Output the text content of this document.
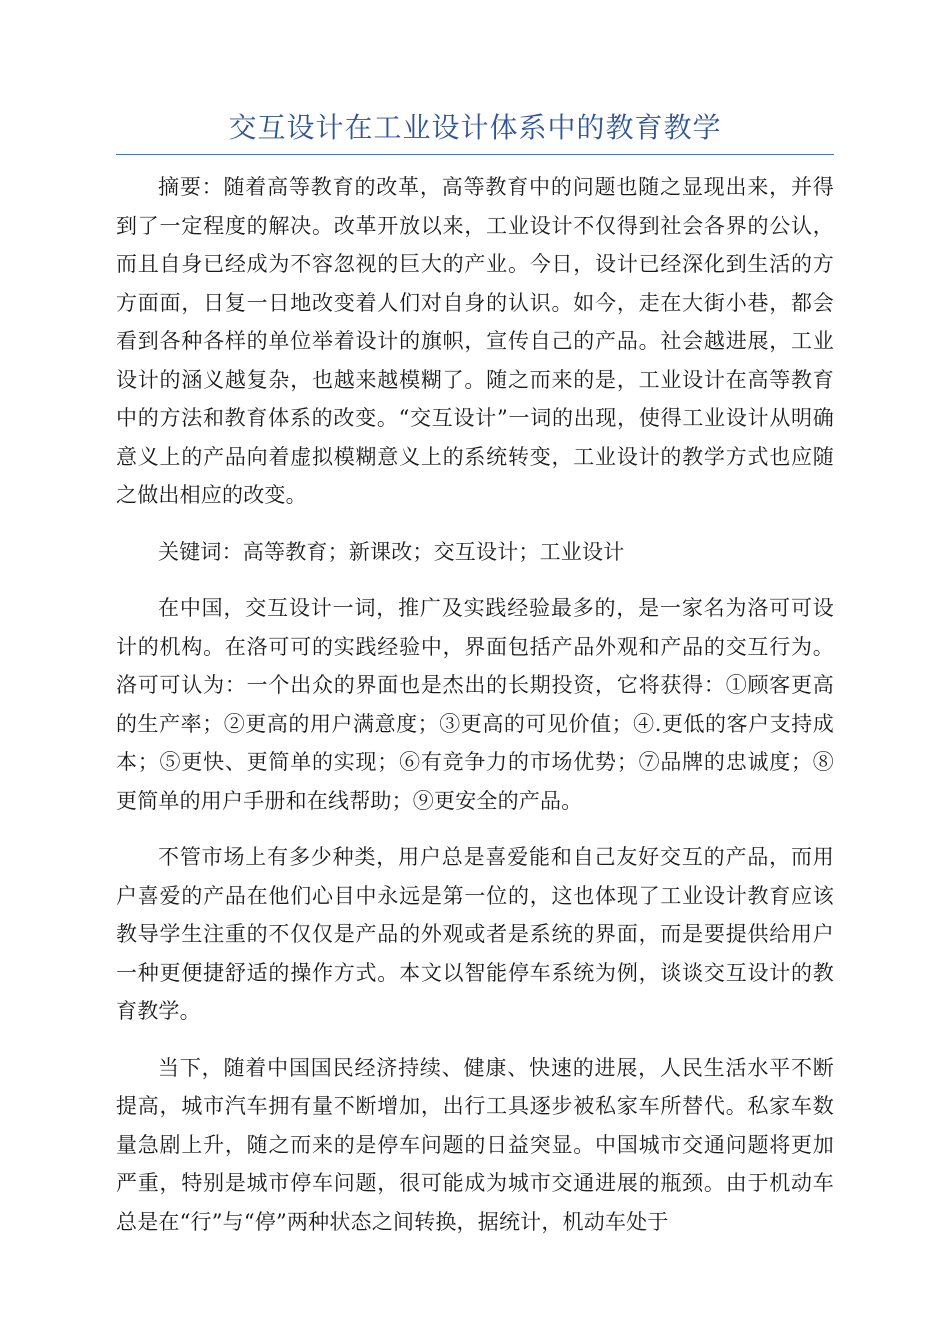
交互设计在工业设计体系中的教育教学

摘要：随着高等教育的改革，高等教育中的问题也随之显现出来，并得到了一定程度的解决。改革开放以来，工业设计不仅得到社会各界的公认，而且自身已经成为不容忽视的巨大的产业。今日，设计已经深化到生活的方方面面，日复一日地改变着人们对自身的认识。如今，走在大街小巷，都会看到各种各样的单位举着设计的旗帜，宣传自己的产品。社会越进展，工业设计的涵义越复杂，也越来越模糊了。随之而来的是，工业设计在高等教育中的方法和教育体系的改变。“交互设计”一词的出现，使得工业设计从明确意义上的产品向着虚拟模糊意义上的系统转变，工业设计的教学方式也应随之做出相应的改变。

关键词：高等教育；新课改；交互设计；工业设计

在中国，交互设计一词，推广及实践经验最多的，是一家名为洛可可设计的机构。在洛可可的实践经验中，界面包括产品外观和产品的交互行为。洛可可认为：一个出众的界面也是杰出的长期投资，它将获得：①顾客更高的生产率；②更高的用户满意度；③更高的可见价值；④.更低的客户支持成本；⑤更快、更简单的实现；⑥有竞争力的市场优势；⑦品牌的忠诚度；⑧更简单的用户手册和在线帮助；⑨更安全的产品。

不管市场上有多少种类，用户总是喜爱能和自己友好交互的产品，而用户喜爱的产品在他们心目中永远是第一位的，这也体现了工业设计教育应该教导学生注重的不仅仅是产品的外观或者是系统的界面，而是要提供给用户一种更便捷舒适的操作方式。本文以智能停车系统为例，谈谈交互设计的教育教学。

当下，随着中国国民经济持续、健康、快速的进展，人民生活水平不断提高，城市汽车拥有量不断增加，出行工具逐步被私家车所替代。私家车数量急剧上升，随之而来的是停车问题的日益突显。中国城市交通问题将更加严重，特别是城市停车问题，很可能成为城市交通进展的瓶颈。由于机动车总是在“行”与“停”两种状态之间转换，据统计，机动车处于
